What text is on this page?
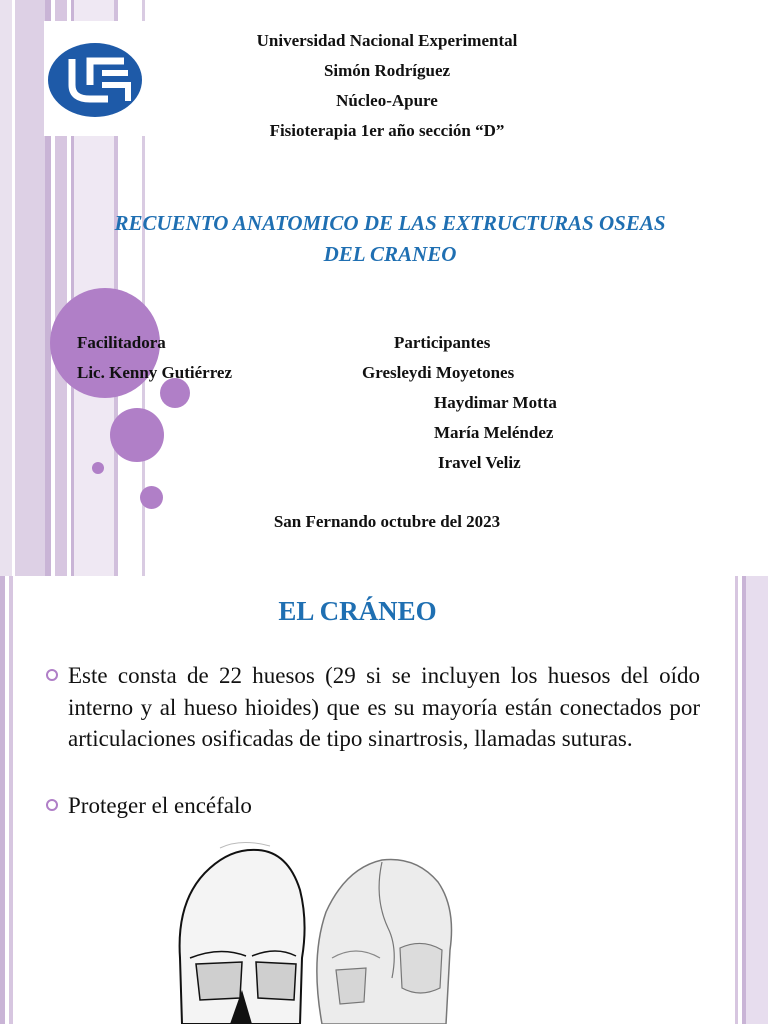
Universidad Nacional Experimental
Simón Rodríguez
Núcleo-Apure
Fisioterapia 1er año sección “D”
RECUENTO ANATOMICO DE LAS EXTRUCTURAS OSEAS
DEL CRANEO
Facilitadora
Lic. Kenny Gutiérrez
Participantes
Gresleydi Moyetones
Haydimar Motta
María Meléndez
Iravel Veliz
San Fernando octubre del 2023
EL CRÁNEO
Este consta de 22 huesos (29 si se incluyen los huesos del oído interno y al hueso hioides) que es su mayoría están conectados por articulaciones osificadas de tipo sinartrosis, llamadas suturas.
Proteger el encéfalo
